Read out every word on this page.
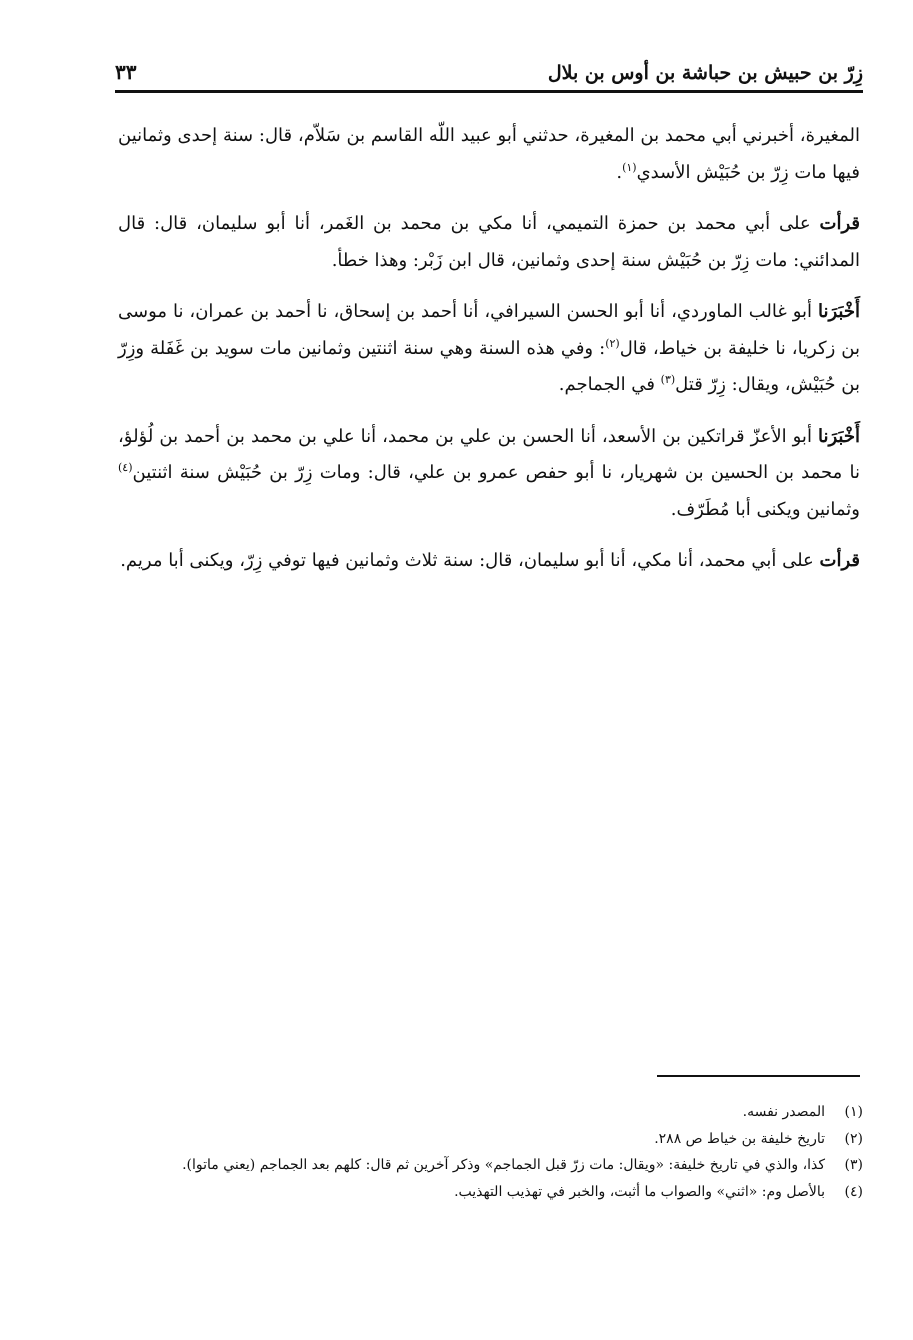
زِرّ بن حبيش بن حباشة بن أوس بن بلال
٣٣

المغيرة، أخبرني أبي محمد بن المغيرة، حدثني أبو عبيد اللّه القاسم بن سَلاّم، قال: سنة إحدى وثمانين فيها مات زِرّ بن حُبَيْش الأسدي$^{(١)}$.

قرأت على أبي محمد بن حمزة التميمي، أنا مكي بن محمد بن الغَمر، أنا أبو سليمان، قال: قال المدائني: مات زِرّ بن حُبَيْش سنة إحدى وثمانين، قال ابن زَبْر: وهذا خطأ.

أَخْبَرَنا أبو غالب الماوردي، أنا أبو الحسن السيرافي، أنا أحمد بن إسحاق، نا أحمد بن عمران، نا موسى بن زكريا، نا خليفة بن خياط، قال$^{(٢)}$: وفي هذه السنة وهي سنة اثنتين وثمانين مات سويد بن غَفَلة وزِرّ بن حُبَيْش، ويقال: زِرّ قتل$^{(٣)}$ في الجماجم.

أَخْبَرَنا أبو الأعزّ قراتكين بن الأسعد، أنا الحسن بن علي بن محمد، أنا علي بن محمد بن أحمد بن لُؤلؤ، نا محمد بن الحسين بن شهريار، نا أبو حفص عمرو بن علي، قال: ومات زِرّ بن حُبَيْش سنة اثنتين$^{(٤)}$ وثمانين ويكنى أبا مُطَرّف.

قرأت على أبي محمد، أنا مكي، أنا أبو سليمان، قال: سنة ثلاث وثمانين فيها توفي زِرّ، ويكنى أبا مريم.

(١)
المصدر نفسه.
(٢)
تاريخ خليفة بن خياط ص ٢٨٨.
(٣)
كذا، والذي في تاريخ خليفة: «ويقال: مات زرّ قبل الجماجم» وذكر آخرين ثم قال: كلهم بعد الجماجم (يعني ماتوا).
(٤)
بالأصل وم: «اثني» والصواب ما أثبت، والخبر في تهذيب التهذيب.
